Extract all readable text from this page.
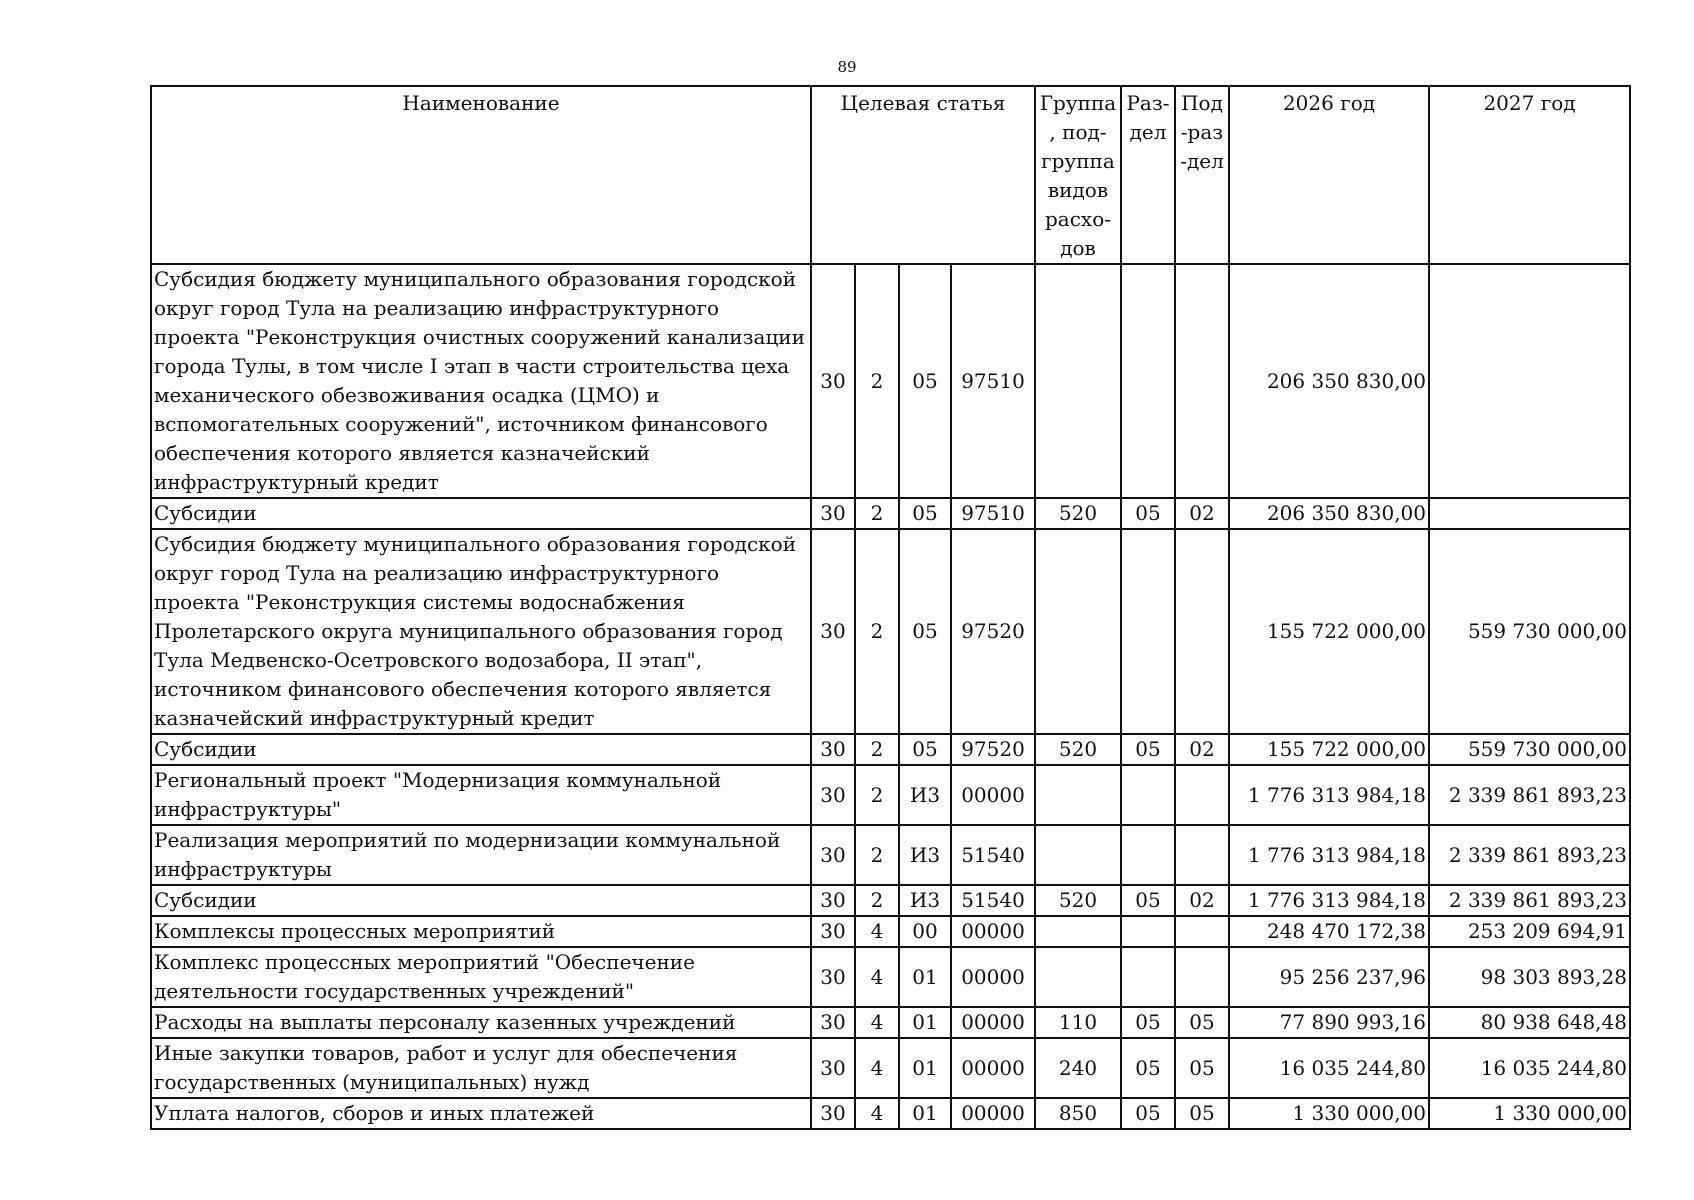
89
Наименование	Целевая статья				Группа, под-группа видов расхо-дов	Раз-дел	Под-раз-дел	2026 год	2027 год
Субсидия бюджету муниципального образования городской округ город Тула на реализацию инфраструктурного проекта "Реконструкция очистных сооружений канализации города Тулы, в том числе I этап в части строительства цеха механического обезвоживания осадка (ЦМО) и вспомогательных сооружений", источником финансового обеспечения которого является казначейский инфраструктурный кредит	30	2	05	97510				206 350 830,00	
Субсидии	30	2	05	97510	520	05	02	206 350 830,00	
Субсидия бюджету муниципального образования городской округ город Тула на реализацию инфраструктурного проекта "Реконструкция системы водоснабжения Пролетарского округа муниципального образования город Тула Медвенско-Осетровского водозабора, II этап", источником финансового обеспечения которого является казначейский инфраструктурный кредит	30	2	05	97520				155 722 000,00	559 730 000,00
Субсидии	30	2	05	97520	520	05	02	155 722 000,00	559 730 000,00
Региональный проект "Модернизация коммунальной инфраструктуры"	30	2	И3	00000				1 776 313 984,18	2 339 861 893,23
Реализация мероприятий по модернизации коммунальной инфраструктуры	30	2	И3	51540				1 776 313 984,18	2 339 861 893,23
Субсидии	30	2	И3	51540	520	05	02	1 776 313 984,18	2 339 861 893,23
Комплексы процессных мероприятий	30	4	00	00000				248 470 172,38	253 209 694,91
Комплекс процессных мероприятий "Обеспечение деятельности государственных учреждений"	30	4	01	00000				95 256 237,96	98 303 893,28
Расходы на выплаты персоналу казенных учреждений	30	4	01	00000	110	05	05	77 890 993,16	80 938 648,48
Иные закупки товаров, работ и услуг для обеспечения государственных (муниципальных) нужд	30	4	01	00000	240	05	05	16 035 244,80	16 035 244,80
Уплата налогов, сборов и иных платежей	30	4	01	00000	850	05	05	1 330 000,00	1 330 000,00
